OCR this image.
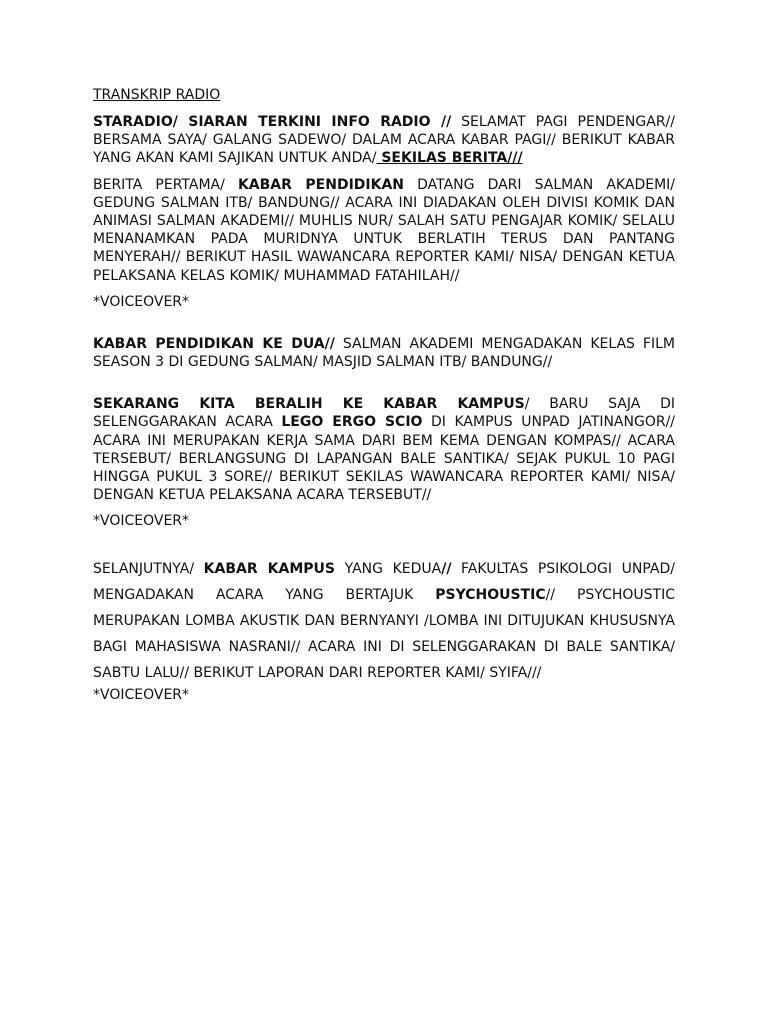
TRANSKRIP RADIO

STARADIO/ SIARAN TERKINI INFO RADIO // SELAMAT PAGI PENDENGAR// BERSAMA SAYA/ GALANG SADEWO/ DALAM ACARA KABAR PAGI// BERIKUT KABAR YANG AKAN KAMI SAJIKAN UNTUK ANDA/ SEKILAS BERITA///

BERITA PERTAMA/ KABAR PENDIDIKAN DATANG DARI SALMAN AKADEMI/ GEDUNG SALMAN ITB/ BANDUNG// ACARA INI DIADAKAN OLEH DIVISI KOMIK DAN ANIMASI SALMAN AKADEMI// MUHLIS NUR/ SALAH SATU PENGAJAR KOMIK/ SELALU MENANAMKAN PADA MURIDNYA UNTUK BERLATIH TERUS DAN PANTANG MENYERAH// BERIKUT HASIL WAWANCARA REPORTER KAMI/ NISA/ DENGAN KETUA PELAKSANA KELAS KOMIK/ MUHAMMAD FATAHILAH//

*VOICEOVER*

KABAR PENDIDIKAN KE DUA// SALMAN AKADEMI MENGADAKAN KELAS FILM SEASON 3 DI GEDUNG SALMAN/ MASJID SALMAN ITB/ BANDUNG//

SEKARANG KITA BERALIH KE KABAR KAMPUS/ BARU SAJA DI SELENGGARAKAN ACARA LEGO ERGO SCIO DI KAMPUS UNPAD JATINANGOR// ACARA INI MERUPAKAN KERJA SAMA DARI BEM KEMA DENGAN KOMPAS// ACARA TERSEBUT/ BERLANGSUNG DI LAPANGAN BALE SANTIKA/ SEJAK PUKUL 10 PAGI HINGGA PUKUL 3 SORE// BERIKUT SEKILAS WAWANCARA REPORTER KAMI/ NISA/ DENGAN KETUA PELAKSANA ACARA TERSEBUT//

*VOICEOVER*

SELANJUTNYA/ KABAR KAMPUS YANG KEDUA// FAKULTAS PSIKOLOGI UNPAD/ MENGADAKAN ACARA YANG BERTAJUK PSYCHOUSTIC// PSYCHOUSTIC MERUPAKAN LOMBA AKUSTIK DAN BERNYANYI /LOMBA INI DITUJUKAN KHUSUSNYA BAGI MAHASISWA NASRANI// ACARA INI DI SELENGGARAKAN DI BALE SANTIKA/ SABTU LALU// BERIKUT LAPORAN DARI REPORTER KAMI/ SYIFA///

*VOICEOVER*
